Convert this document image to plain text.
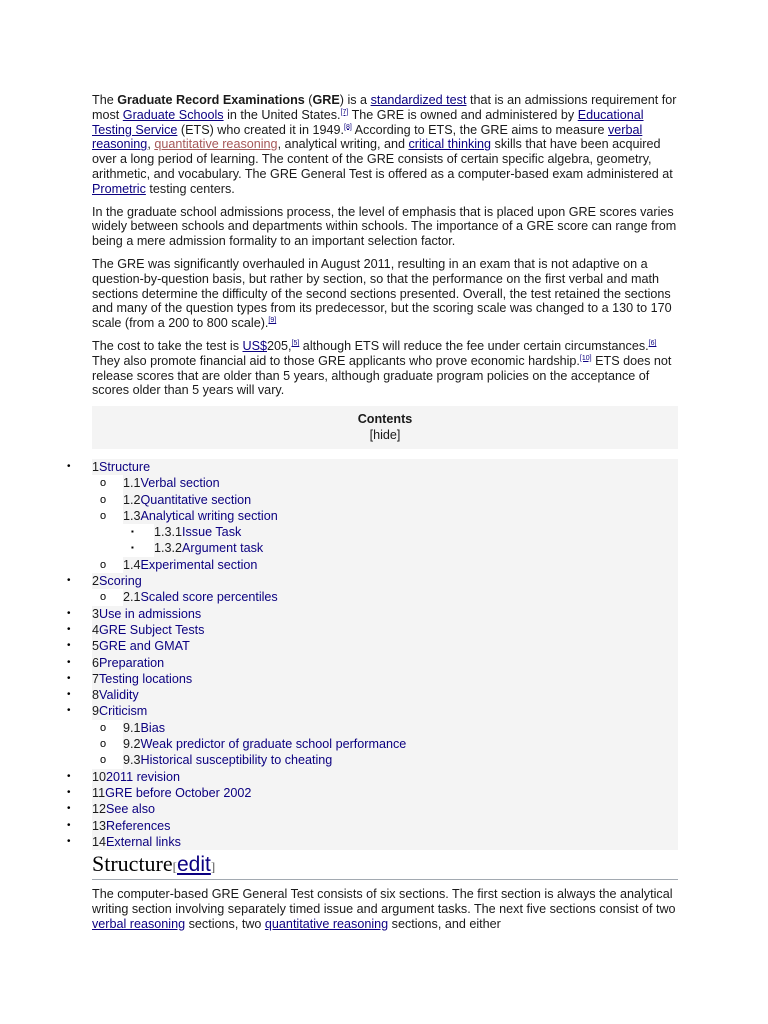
The Graduate Record Examinations (GRE) is a standardized test that is an admissions requirement for most Graduate Schools in the United States.[7] The GRE is owned and administered by Educational Testing Service (ETS) who created it in 1949.[8] According to ETS, the GRE aims to measure verbal reasoning, quantitative reasoning, analytical writing, and critical thinking skills that have been acquired over a long period of learning. The content of the GRE consists of certain specific algebra, geometry, arithmetic, and vocabulary. The GRE General Test is offered as a computer-based exam administered at Prometric testing centers.

In the graduate school admissions process, the level of emphasis that is placed upon GRE scores varies widely between schools and departments within schools. The importance of a GRE score can range from being a mere admission formality to an important selection factor.

The GRE was significantly overhauled in August 2011, resulting in an exam that is not adaptive on a question-by-question basis, but rather by section, so that the performance on the first verbal and math sections determine the difficulty of the second sections presented. Overall, the test retained the sections and many of the question types from its predecessor, but the scoring scale was changed to a 130 to 170 scale (from a 200 to 800 scale).[9]

The cost to take the test is US$205,[5] although ETS will reduce the fee under certain circumstances.[6] They also promote financial aid to those GRE applicants who prove economic hardship.[10] ETS does not release scores that are older than 5 years, although graduate program policies on the acceptance of scores older than 5 years will vary.

Contents
[hide]
• 1Structure
o 1.1Verbal section
o 1.2Quantitative section
o 1.3Analytical writing section
▪ 1.3.1Issue Task
▪ 1.3.2Argument task
o 1.4Experimental section
• 2Scoring
o 2.1Scaled score percentiles
• 3Use in admissions
• 4GRE Subject Tests
• 5GRE and GMAT
• 6Preparation
• 7Testing locations
• 8Validity
• 9Criticism
o 9.1Bias
o 9.2Weak predictor of graduate school performance
o 9.3Historical susceptibility to cheating
• 102011 revision
• 11GRE before October 2002
• 12See also
• 13References
• 14External links
Structure[edit]

The computer-based GRE General Test consists of six sections. The first section is always the analytical writing section involving separately timed issue and argument tasks. The next five sections consist of two verbal reasoning sections, two quantitative reasoning sections, and either
